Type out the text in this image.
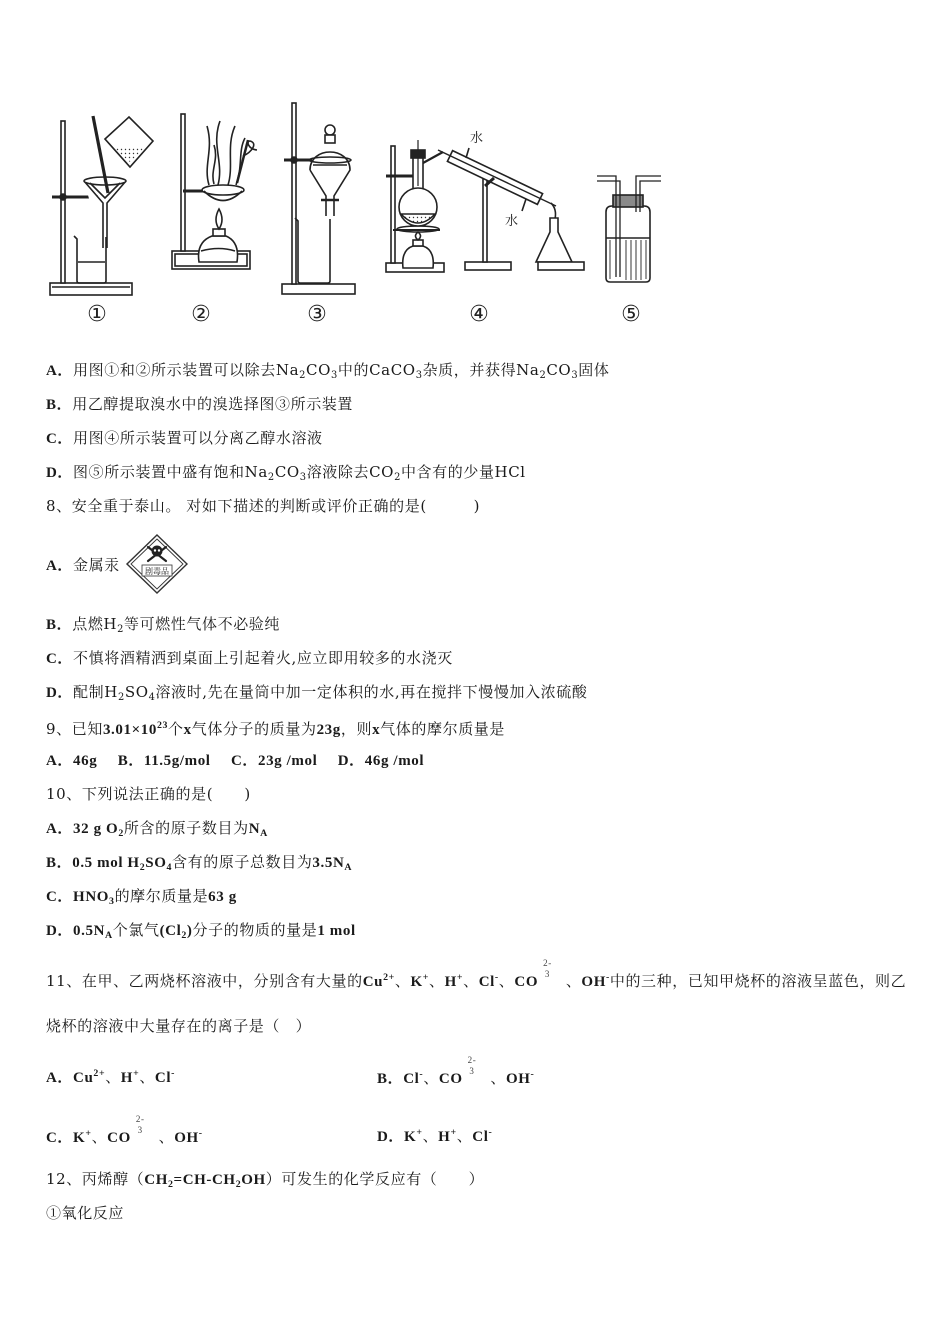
水
水
①	②	③	④	⑤
A．用图①和②所示装置可以除去Na2CO3中的CaCO3杂质，并获得Na2CO3固体
B．用乙醇提取溴水中的溴选择图③所示装置
C．用图④所示装置可以分离乙醇水溶液
D．图⑤所示装置中盛有饱和Na2CO3溶液除去CO2中含有的少量HCl
8、安全重于泰山。 对如下描述的判断或评价正确的是(　　　)
A．金属汞	剧毒品
B．点燃H2等可燃性气体不必验纯
C．不慎将酒精洒到桌面上引起着火,应立即用较多的水浇灭
D．配制H2SO4溶液时,先在量筒中加一定体积的水,再在搅拌下慢慢加入浓硫酸
9、已知$3.01\times 10^{23}$个x气体分子的质量为23g，则x气体的摩尔质量是
A．46g B．11.5g/mol C．23g /mol D．46g /mol
10、下列说法正确的是(　　)
A．32 g O2所含的原子数目为NA
B．0.5 mol H2SO4含有的原子总数目为3.5NA
C．HNO3的摩尔质量是63 g
D．0.5NA个氯气(Cl2)分子的物质的量是1 mol
11、在甲、乙两烧杯溶液中，分别含有大量的$Cu^{2+}$、K+、H+、Cl-、CO
2-
3 、OH-中的三种，已知甲烧杯的溶液呈蓝色，则乙
烧杯的溶液中大量存在的离子是（　）
A．$Cu^{2+}$、H+、Cl-	B．Cl-、CO
2-
3 、OH-
C．K+、CO
2-
3 、OH-	D．K+、H+、Cl-
12、丙烯醇（CH2=CH-CH2OH）可发生的化学反应有（　　）
①氧化反应
